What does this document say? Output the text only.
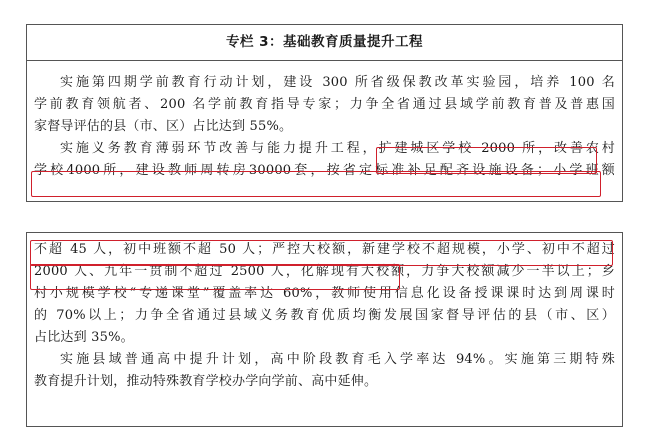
专栏 3：基础教育质量提升工程
实施第四期学前教育行动计划，建设 300 所省级保教改革实验园，培养 100 名
学前教育领航者、200 名学前教育指导专家；力争全省通过县域学前教育普及普惠国
家督导评估的县（市、区）占比达到 55%。
实施义务教育薄弱环节改善与能力提升工程，扩建城区学校 2000 所，改善农村
学校4000所，建设教师周转房30000套，按省定标准补足配齐设施设备；小学班额
不超 45 人，初中班额不超 50 人；严控大校额，新建学校不超规模，小学、初中不超过
2000 人、九年一贯制不超过 2500 人，化解现有大校额，力争大校额减少一半以上；乡
村小规模学校“专递课堂”覆盖率达 60%，教师使用信息化设备授课课时达到周课时
的 70%以上；力争全省通过县域义务教育优质均衡发展国家督导评估的县（市、区）
占比达到 35%。
实施县域普通高中提升计划，高中阶段教育毛入学率达 94%。实施第三期特殊
教育提升计划，推动特殊教育学校办学向学前、高中延伸。
